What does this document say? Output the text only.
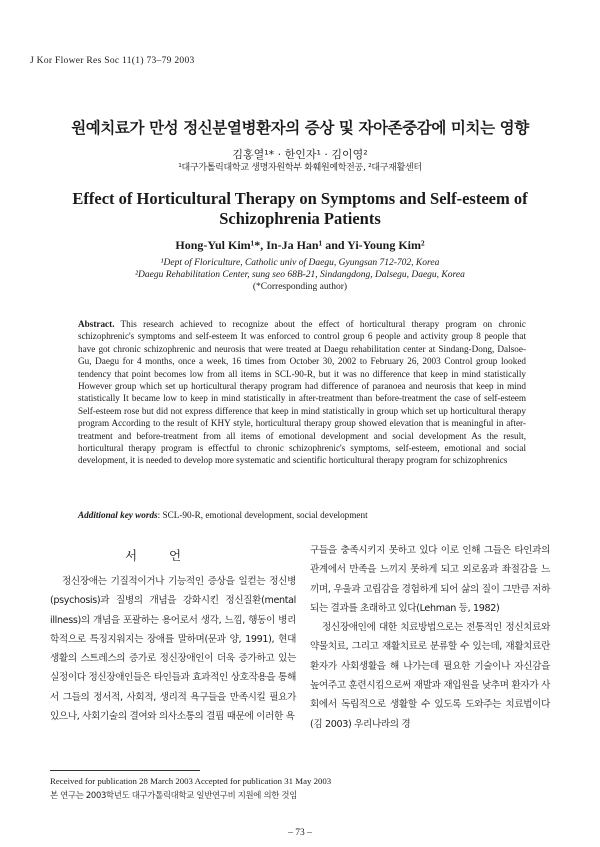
J Kor Flower Res Soc 11(1) 73–79 2003
원예치료가 만성 정신분열병환자의 증상 및 자아존중감에 미치는 영향
김홍열¹* · 한인자¹ · 김이영²
¹대구가톨릭대학교 생명자원학부 화훼원예학전공, ²대구재활센터
Effect of Horticultural Therapy on Symptoms and Self-esteem of Schizophrenia Patients
Hong-Yul Kim¹*, In-Ja Han¹ and Yi-Young Kim²
¹Dept of Floriculture, Catholic univ of Daegu, Gyungsan 712-702, Korea
²Daegu Rehabilitation Center, sung seo 68B-21, Sindangdong, Dalsegu, Daegu, Korea
(*Corresponding author)
Abstract. This research achieved to recognize about the effect of horticultural therapy program on chronic schizophrenic's symptoms and self-esteem It was enforced to control group 6 people and activity group 8 people that have got chronic schizophrenic and neurosis that were treated at Daegu rehabilitation center at Sindang-Dong, Dalsoe-Gu, Daegu for 4 months, once a week, 16 times from October 30, 2002 to February 26, 2003 Control group looked tendency that point becomes low from all items in SCL-90-R, but it was no difference that keep in mind statistically However group which set up horticultural therapy program had difference of paranoea and neurosis that keep in mind statistically It became low to keep in mind statistically in after-treatment than before-treatment the case of self-esteem Self-esteem rose but did not express difference that keep in mind statistically in group which set up horticultural therapy program According to the result of KHY style, horticultural therapy group showed elevation that is meaningful in after-treatment and before-treatment from all items of emotional development and social development As the result, horticultural therapy program is effectful to chronic schizophrenic's symptoms, self-esteem, emotional and social development, it is needed to develop more systematic and scientific horticultural therapy program for schizophrenics
Additional key words: SCL-90-R, emotional development, social development
서 언
정신장애는 기질적이거나 기능적인 증상을 일컫는 정신병(psychosis)과 질병의 개념을 강화시킨 정신질환(mental illness)의 개념을 포괄하는 용어로서 생각, 느낌, 행동이 병리학적으로 특징지워지는 장애를 말하며(문과 양, 1991), 현대 생활의 스트레스의 증가로 정신장애인이 더욱 증가하고 있는 실정이다 정신장애인들은 타인들과 효과적인 상호작용을 통해서 그들의 정서적, 사회적, 생리적 욕구들을 만족시킬 필요가 있으나, 사회기술의 결여와 의사소통의 결핍 때문에 이러한 욕

구들을 충족시키지 못하고 있다 이로 인해 그들은 타인과의 관계에서 만족을 느끼지 못하게 되고 외로움과 좌절감을 느끼며, 우울과 고립감을 경험하게 되어 삶의 질이 그만큼 저하되는 결과를 초래하고 있다(Lehman 등, 1982)

정신장애인에 대한 치료방법으로는 전통적인 정신치료와 약물치료, 그리고 재활치료로 분류할 수 있는데, 재활치료란 환자가 사회생활을 해 나가는데 필요한 기술이나 자신감을 높여주고 훈련시킴으로써 재발과 재입원을 낮추며 환자가 사회에서 독립적으로 생활할 수 있도록 도와주는 치료법이다(김 2003) 우리나라의 경

Received for publication 28 March 2003 Accepted for publication 31 May 2003
본 연구는 2003학년도 대구가톨릭대학교 일반연구비 지원에 의한 것임
– 73 –
